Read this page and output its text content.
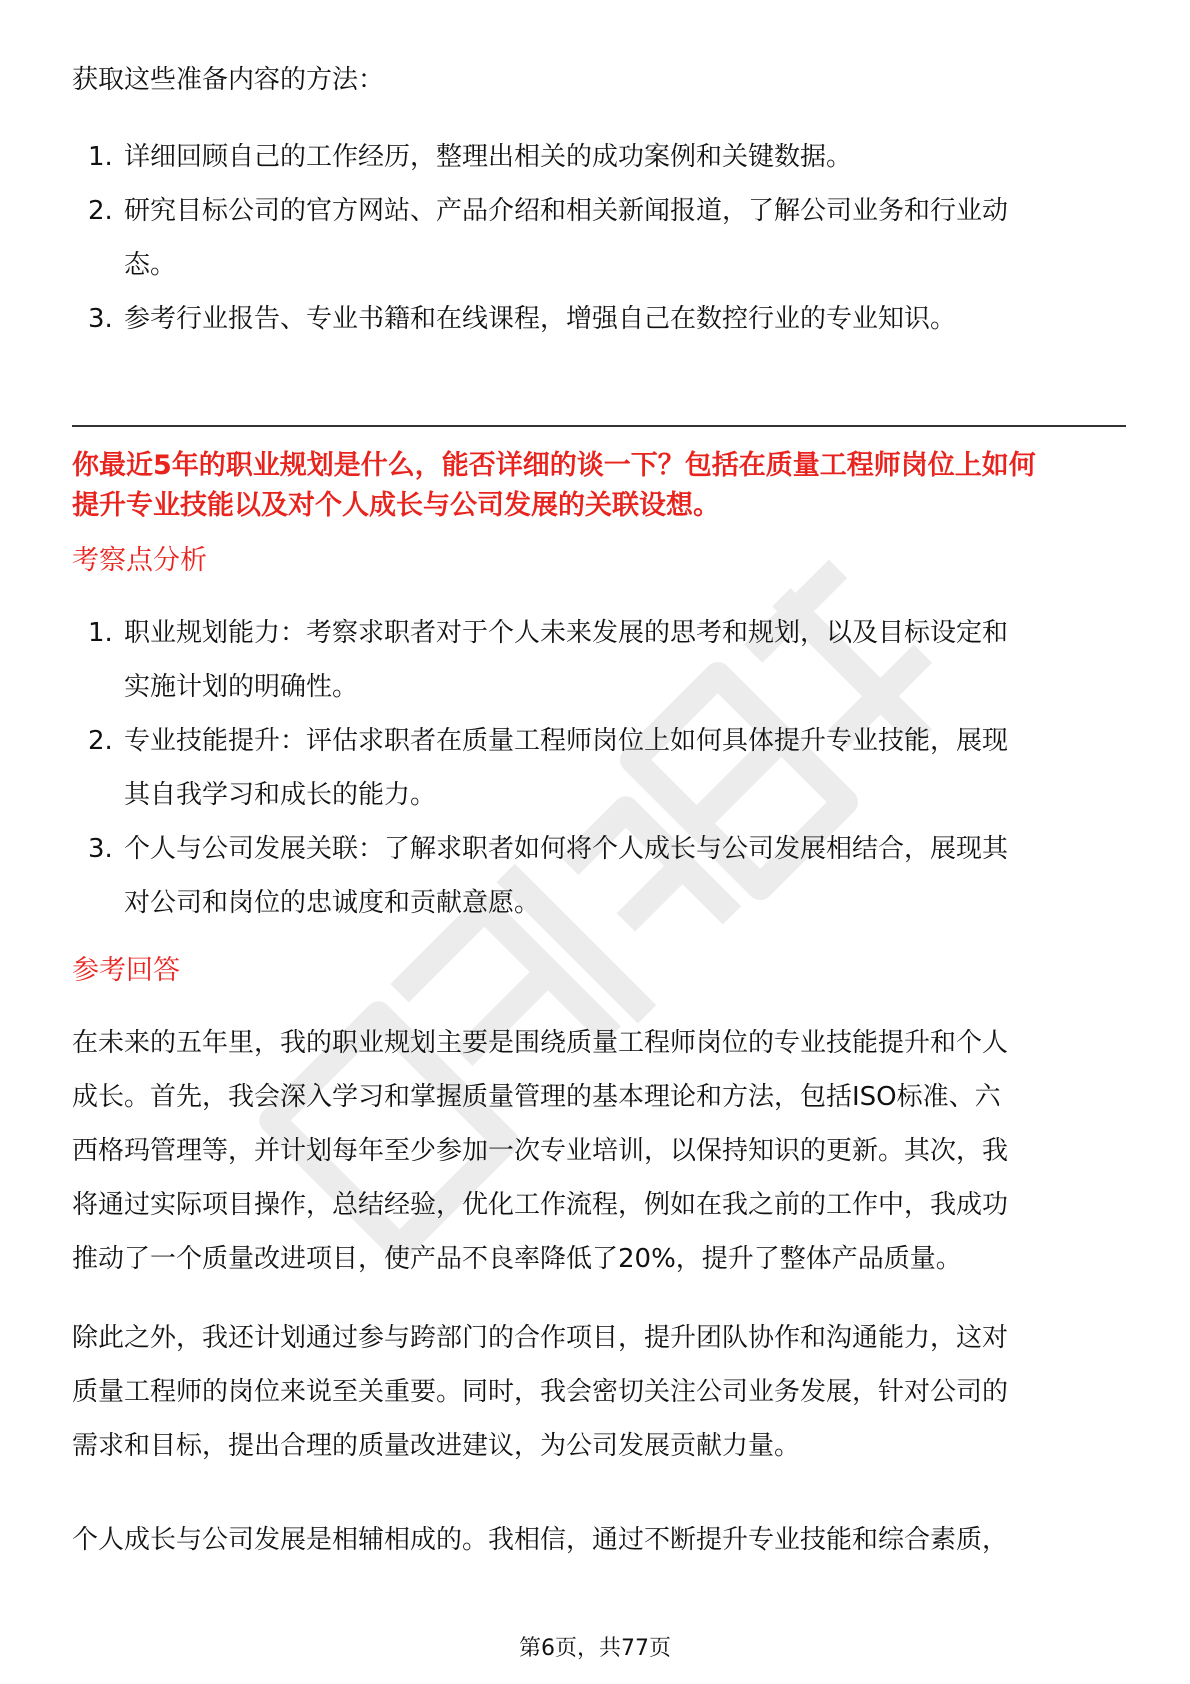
获取这些准备内容的方法：
1. 详细回顾自己的工作经历，整理出相关的成功案例和关键数据。
2. 研究目标公司的官方网站、产品介绍和相关新闻报道，了解公司业务和行业动
态。
3. 参考行业报告、专业书籍和在线课程，增强自己在数控行业的专业知识。
你最近5年的职业规划是什么，能否详细的谈一下？包括在质量工程师岗位上如何
提升专业技能以及对个人成长与公司发展的关联设想。
考察点分析
1. 职业规划能力：考察求职者对于个人未来发展的思考和规划，以及目标设定和
实施计划的明确性。
2. 专业技能提升：评估求职者在质量工程师岗位上如何具体提升专业技能，展现
其自我学习和成长的能力。
3. 个人与公司发展关联：了解求职者如何将个人成长与公司发展相结合，展现其
对公司和岗位的忠诚度和贡献意愿。
参考回答
在未来的五年里，我的职业规划主要是围绕质量工程师岗位的专业技能提升和个人
成长。首先，我会深入学习和掌握质量管理的基本理论和方法，包括ISO标准、六
西格玛管理等，并计划每年至少参加一次专业培训，以保持知识的更新。其次，我
将通过实际项目操作，总结经验，优化工作流程，例如在我之前的工作中，我成功
推动了一个质量改进项目，使产品不良率降低了20%，提升了整体产品质量。
除此之外，我还计划通过参与跨部门的合作项目，提升团队协作和沟通能力，这对
质量工程师的岗位来说至关重要。同时，我会密切关注公司业务发展，针对公司的
需求和目标，提出合理的质量改进建议，为公司发展贡献力量。
个人成长与公司发展是相辅相成的。我相信，通过不断提升专业技能和综合素质，
第6页，共77页
